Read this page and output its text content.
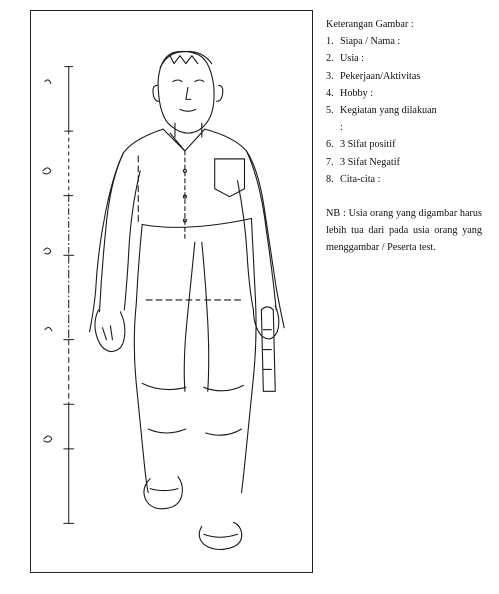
Keterangan Gambar :

1. Siapa / Nama :
2. Usia :
3. Pekerjaan/Aktivitas
4. Hobby :
5. Kegiatan yang dilakuan
:
6. 3 Sifat positif
7. 3 Sifat Negatif
8. Cita-cita :

NB : Usia orang yang digambar harus lebih tua dari pada usia orang yang menggambar / Peserta test.
